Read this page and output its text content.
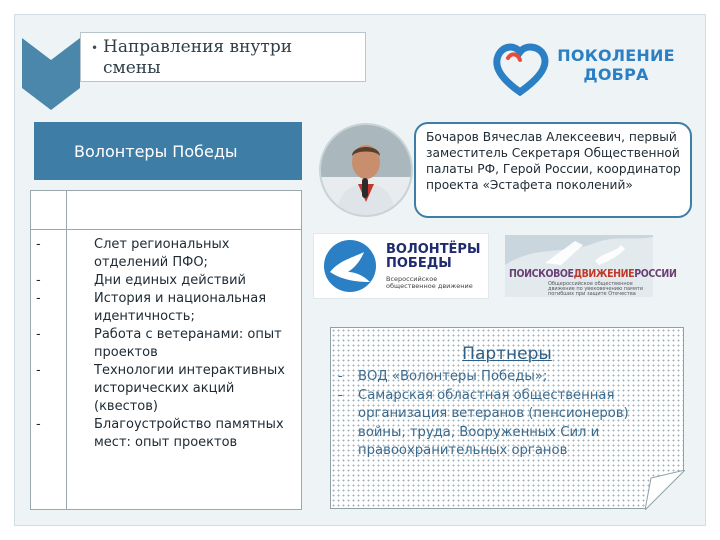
• Направления внутри смены
ПОКОЛЕНИЕ
ДОБРА
Волонтеры Победы
-	Слет региональных отделений ПФО;
-	Дни единых действий
-	История и национальная идентичность;
-	Работа с ветеранами: опыт проектов
-	Технологии интерактивных исторических акций (квестов)
-	Благоустройство памятных мест: опыт проектов
Бочаров Вячеслав Алексеевич, первый заместитель Секретаря Общественной палаты РФ, Герой России, координатор проекта «Эстафета поколений»
ВОЛОНТЁРЫ
ПОБЕДЫ
Всероссийское общественное движение
ПОИСКОВОЕДВИЖЕНИЕРОССИИ
Общероссийское общественное движение по увековечению памяти погибших при защите Отечества
Партнеры
- ВОД «Волонтеры Победы»;
- Самарская областная общественная организация ветеранов (пенсионеров) войны, труда, Вооруженных Сил и правоохранительных органов
